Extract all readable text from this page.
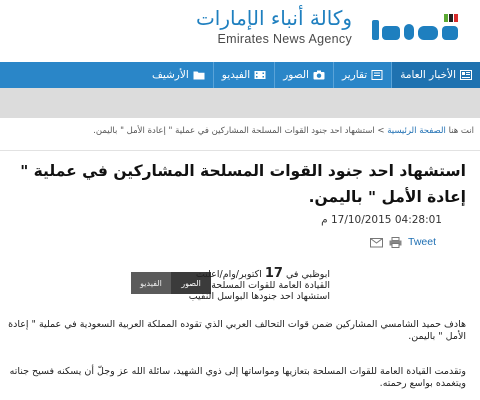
وكالة أنباء الإمارات
Emirates News Agency
الأخبار العامة
تقارير
الصور
الفيديو
الأرشيف
انت هنا الصفحة الرئيسية > استشهاد احد جنود القوات المسلحة المشاركين في عملية " إعادة الأمل " باليمن.
استشهاد احد جنود القوات المسلحة المشاركين في عملية " إعادة الأمل " باليمن.
04:28:01 17/10/2015 م
Tweet
الفيديو	الصور
ابوظبي في 17 اكتوبر/وام/اعلنت
القيادة العامة للقوات المسلحة
استشهاد احد جنودها البواسل النقيب
هادف حميد الشامسي المشاركين ضمن قوات التحالف العربي الذي تقوده المملكة العربية السعودية في عملية " إعادة الأمل " باليمن.
وتقدمت القيادة العامة للقوات المسلحة بتعازيها ومواساتها إلى ذوي الشهيد، سائلة الله عز وجلّ أن يسكنه فسيح جناته ويتغمده بواسع رحمته.
